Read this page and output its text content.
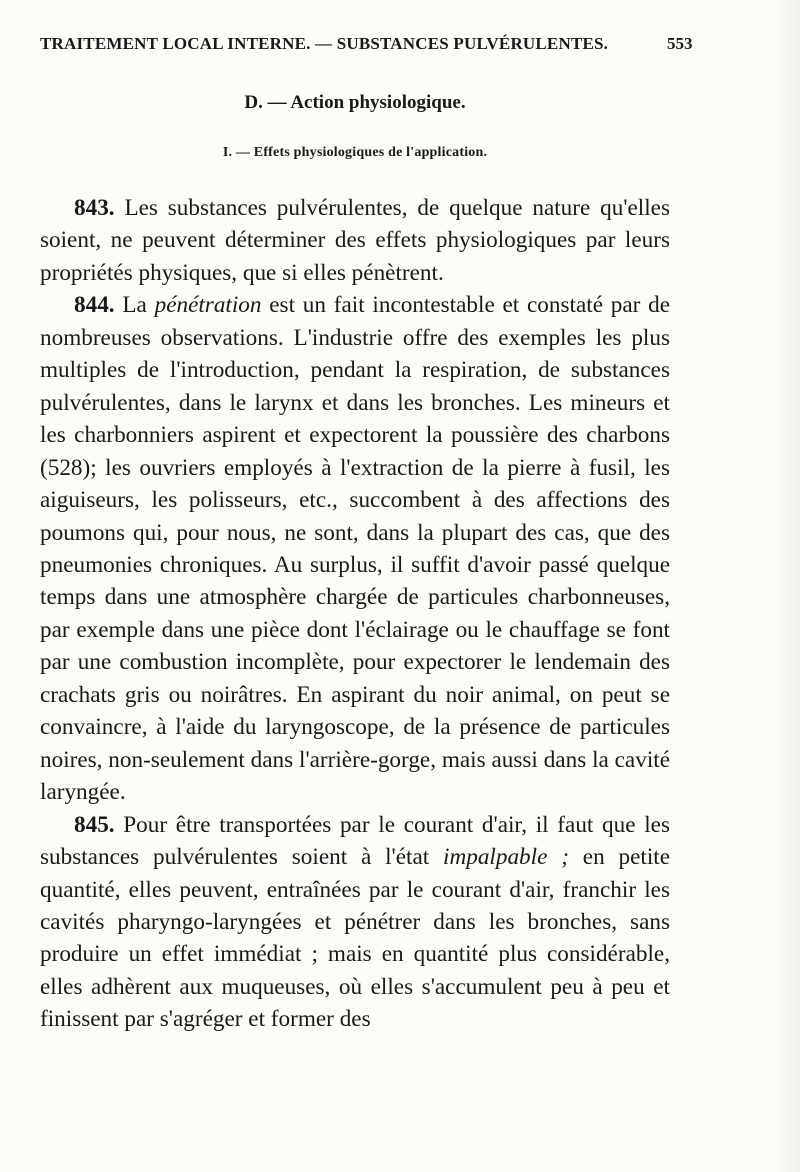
TRAITEMENT LOCAL INTERNE. — SUBSTANCES PULVÉRULENTES.	553
D. — Action physiologique.
I. — Effets physiologiques de l'application.

843. Les substances pulvérulentes, de quelque nature qu'elles soient, ne peuvent déterminer des effets physiologiques par leurs propriétés physiques, que si elles pénètrent.

844. La pénétration est un fait incontestable et constaté par de nombreuses observations. L'industrie offre des exemples les plus multiples de l'introduction, pendant la respiration, de substances pulvérulentes, dans le larynx et dans les bronches. Les mineurs et les charbonniers aspirent et expectorent la poussière des charbons (528); les ouvriers employés à l'extraction de la pierre à fusil, les aiguiseurs, les polisseurs, etc., succombent à des affections des poumons qui, pour nous, ne sont, dans la plupart des cas, que des pneumonies chroniques. Au surplus, il suffit d'avoir passé quelque temps dans une atmosphère chargée de particules charbonneuses, par exemple dans une pièce dont l'éclairage ou le chauffage se font par une combustion incomplète, pour expectorer le lendemain des crachats gris ou noirâtres. En aspirant du noir animal, on peut se convaincre, à l'aide du laryngoscope, de la présence de particules noires, non-seulement dans l'arrière-gorge, mais aussi dans la cavité laryngée.

845. Pour être transportées par le courant d'air, il faut que les substances pulvérulentes soient à l'état impalpable ; en petite quantité, elles peuvent, entraînées par le courant d'air, franchir les cavités pharyngo-laryngées et pénétrer dans les bronches, sans produire un effet immédiat ; mais en quantité plus considérable, elles adhèrent aux muqueuses, où elles s'accumulent peu à peu et finissent par s'agréger et former des
